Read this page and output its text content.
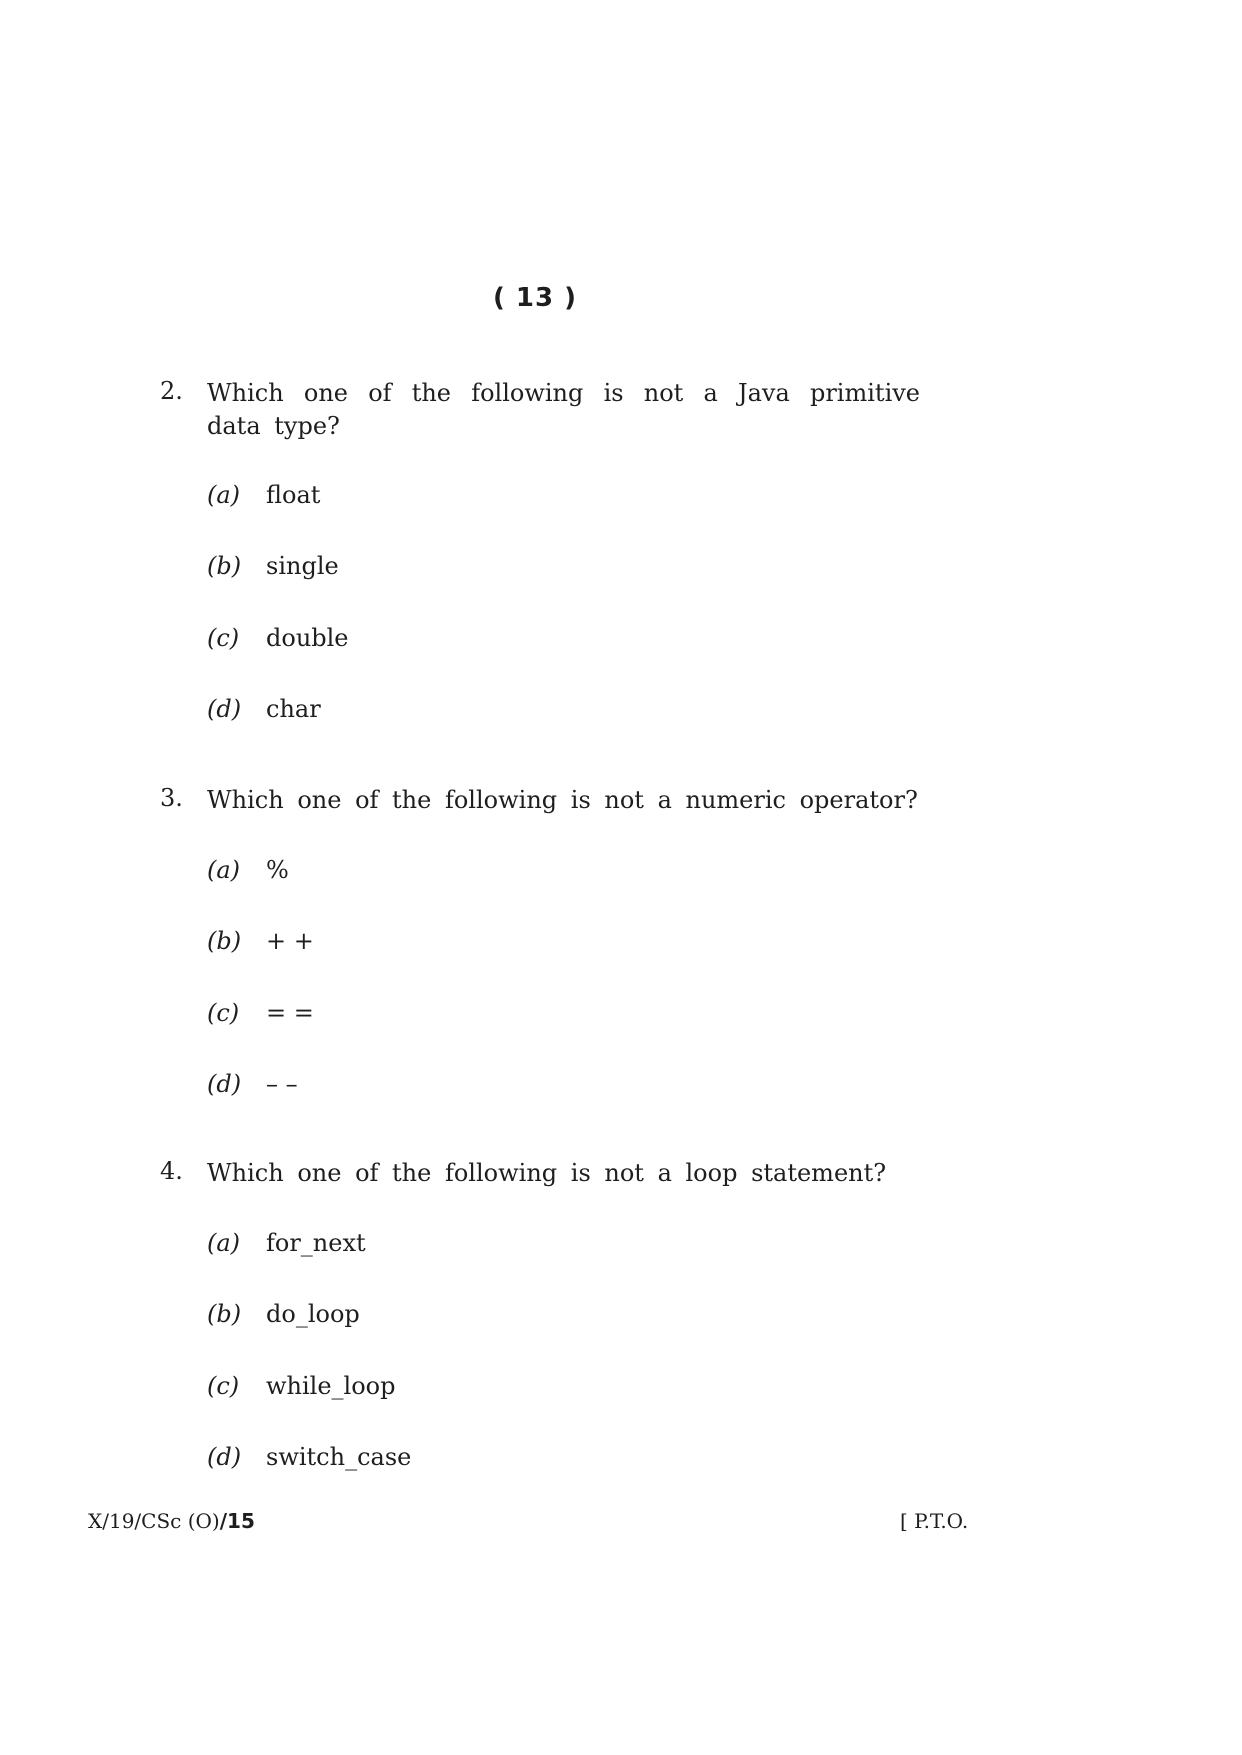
( 13 )
2. Which one of the following is not a Java primitive data type?
(a) float
(b) single
(c) double
(d) char
3. Which one of the following is not a numeric operator?
(a) %
(b) + +
(c) = =
(d) – –
4. Which one of the following is not a loop statement?
(a) for_next
(b) do_loop
(c) while_loop
(d) switch_case
X/19/CSc (O)/15	[ P.T.O.
